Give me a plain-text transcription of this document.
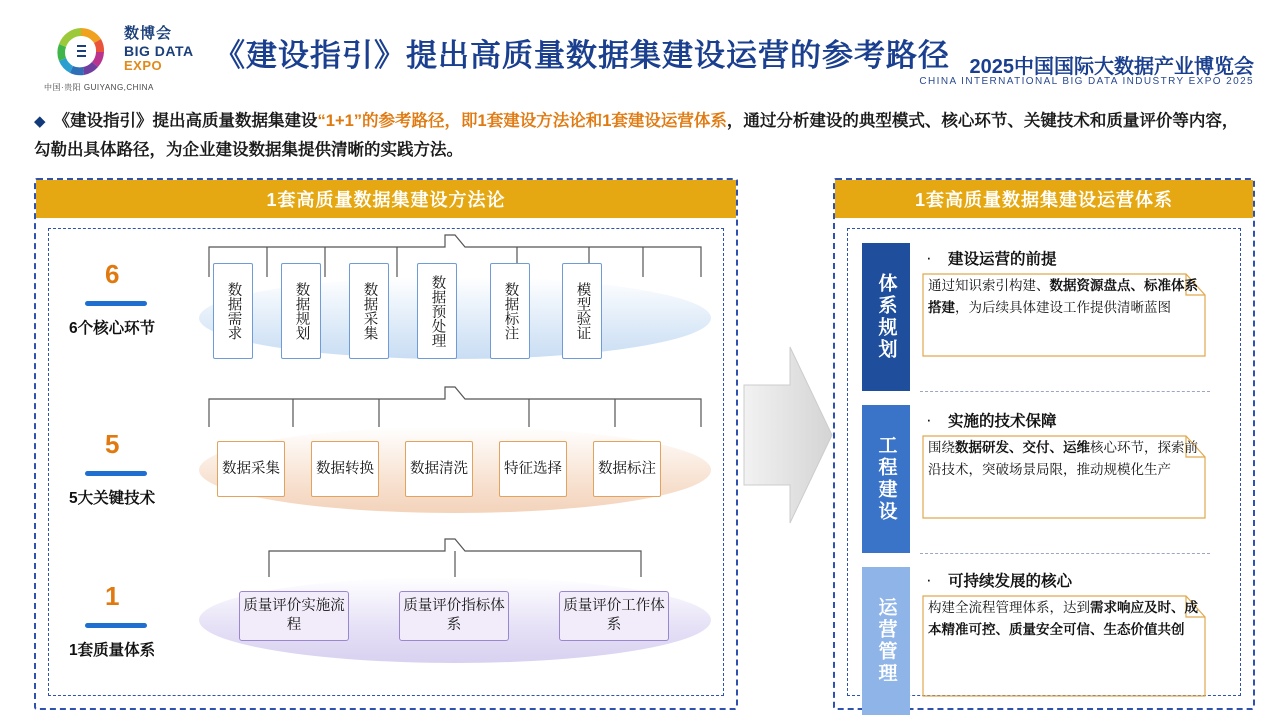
数博会
BIG DATA
EXPO
中国·贵阳 GUIYANG,CHINA
《建设指引》提出高质量数据集建设运营的参考路径 2025中国国际大数据产业博览会
CHINA INTERNATIONAL BIG DATA INDUSTRY EXPO 2025
◆ 《建设指引》提出高质量数据集建设“1+1”的参考路径，即1套建设方法论和1套建设运营体系，通过分析建设的典型模式、核心环节、关键技术和质量评价等内容，勾勒出具体路径，为企业建设数据集提供清晰的实践方法。
1套高质量数据集建设方法论
6
6个核心环节	数据需求	数据规划	数据采集	数据预处理	数据标注	模型验证
5
5大关键技术
数据采集	数据转换	数据清洗	特征选择	数据标注
1
1套质量体系
质量评价实施流程
质量评价指标体系
质量评价工作体系
1套高质量数据集建设运营体系
体系规划
· 建设运营的前提
通过知识索引构建、数据资源盘点、标准体系搭建，为后续具体建设工作提供清晰蓝图
工程建设
· 实施的技术保障
围绕数据研发、交付、运维核心环节，探索前沿技术，突破场景局限，推动规模化生产
运营管理
· 可持续发展的核心
构建全流程管理体系，达到需求响应及时、成本精准可控、质量安全可信、生态价值共创
